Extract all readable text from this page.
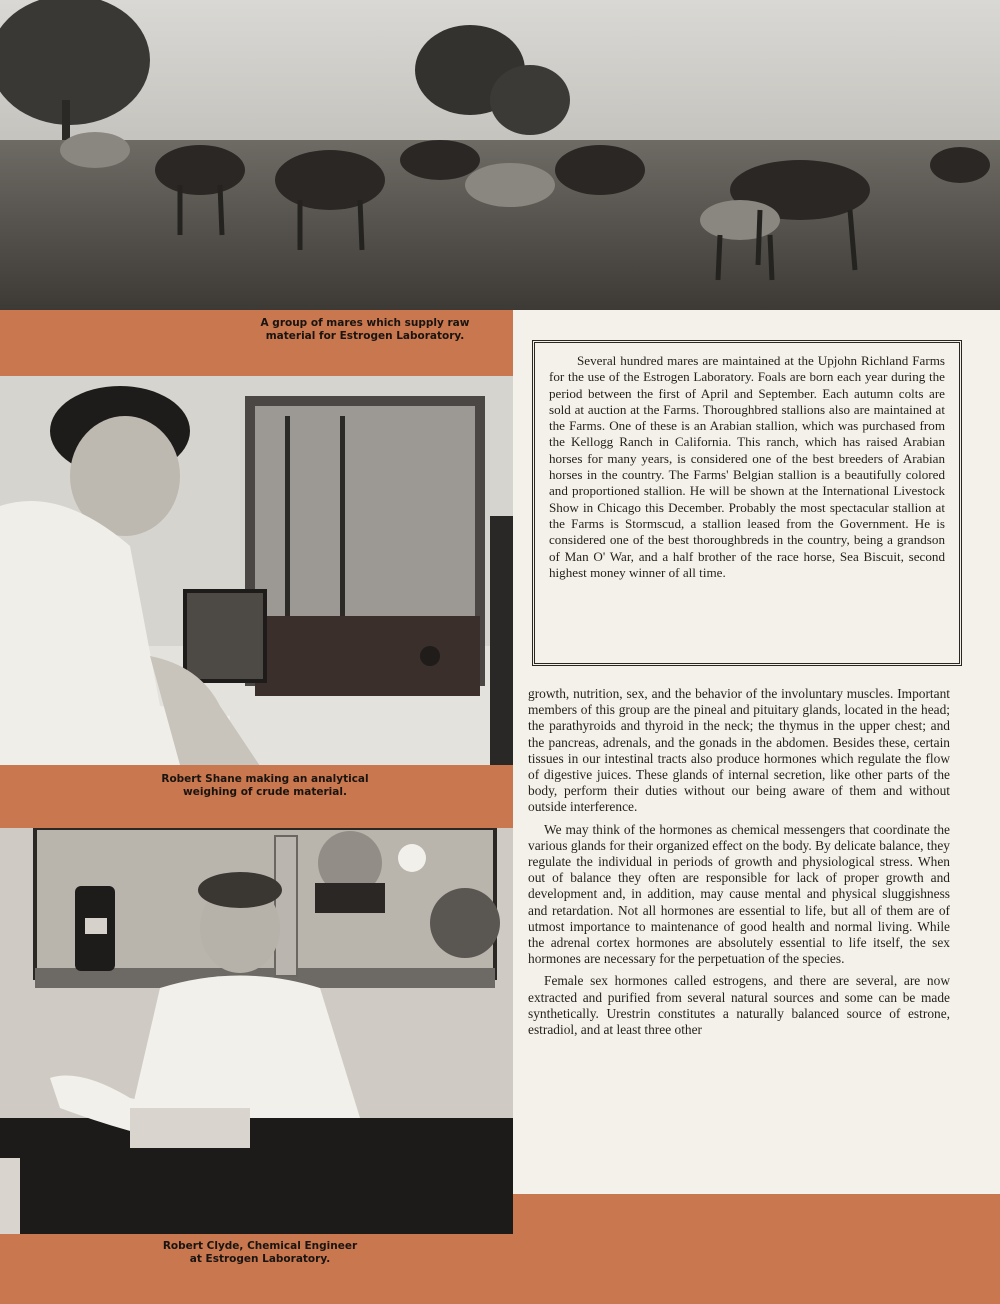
A group of mares which supply raw
material for Estrogen Laboratory.
Robert Shane making an analytical
weighing of crude material.
Robert Clyde, Chemical Engineer
at Estrogen Laboratory.

Several hundred mares are maintained at the Upjohn Richland Farms for the use of the Estrogen Laboratory. Foals are born each year during the period between the first of April and September. Each autumn colts are sold at auction at the Farms. Thoroughbred stallions also are maintained at the Farms. One of these is an Arabian stallion, which was purchased from the Kellogg Ranch in California. This ranch, which has raised Arabian horses for many years, is considered one of the best breeders of Arabian horses in the country. The Farms' Belgian stallion is a beautifully colored and proportioned stallion. He will be shown at the International Livestock Show in Chicago this December. Probably the most spectacular stallion at the Farms is Stormscud, a stallion leased from the Government. He is considered one of the best thoroughbreds in the country, being a grandson of Man O' War, and a half brother of the race horse, Sea Biscuit, second highest money winner of all time.

growth, nutrition, sex, and the behavior of the involuntary muscles. Important members of this group are the pineal and pituitary glands, located in the head; the parathyroids and thyroid in the neck; the thymus in the upper chest; and the pancreas, adrenals, and the gonads in the abdomen. Besides these, certain tissues in our intestinal tracts also produce hormones which regulate the flow of digestive juices. These glands of internal secretion, like other parts of the body, perform their duties without our being aware of them and without outside interference.

We may think of the hormones as chemical messengers that coordinate the various glands for their organized effect on the body. By delicate balance, they regulate the individual in periods of growth and physiological stress. When out of balance they often are responsible for lack of proper growth and development and, in addition, may cause mental and physical sluggishness and retardation. Not all hormones are essential to life, but all of them are of utmost importance to maintenance of good health and normal living. While the adrenal cortex hormones are absolutely essential to life itself, the sex hormones are necessary for the perpetuation of the species.

Female sex hormones called estrogens, and there are several, are now extracted and purified from several natural sources and some can be made synthetically. Urestrin constitutes a naturally balanced source of estrone, estradiol, and at least three other
